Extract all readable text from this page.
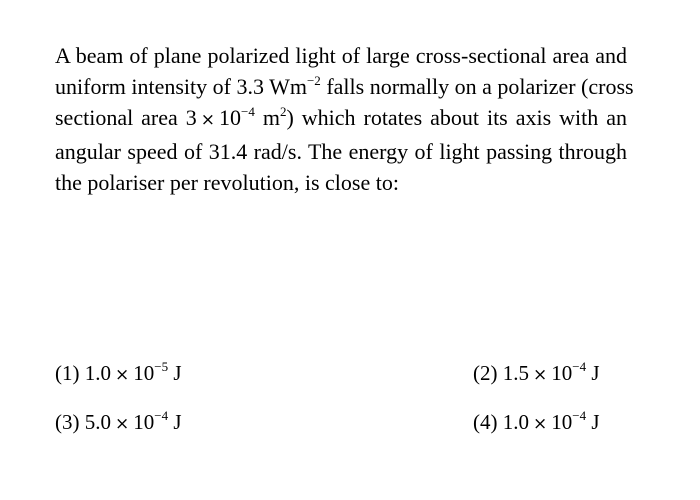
A beam of plane polarized light of large cross-sectional area and
uniform intensity of 3.3 $Wm^{-2}$ falls normally on a polarizer (cross
sectional area $3 \times 10^{-4}$ $m^2$) which rotates about its axis with an
angular speed of 31.4 rad/s. The energy of light passing through
the polariser per revolution, is close to:
(1) $1.0 \times 10^{-5}$ J	(2) $1.5 \times 10^{-4}$ J
(3) $5.0 \times 10^{-4}$ J	(4) $1.0 \times 10^{-4}$ J
